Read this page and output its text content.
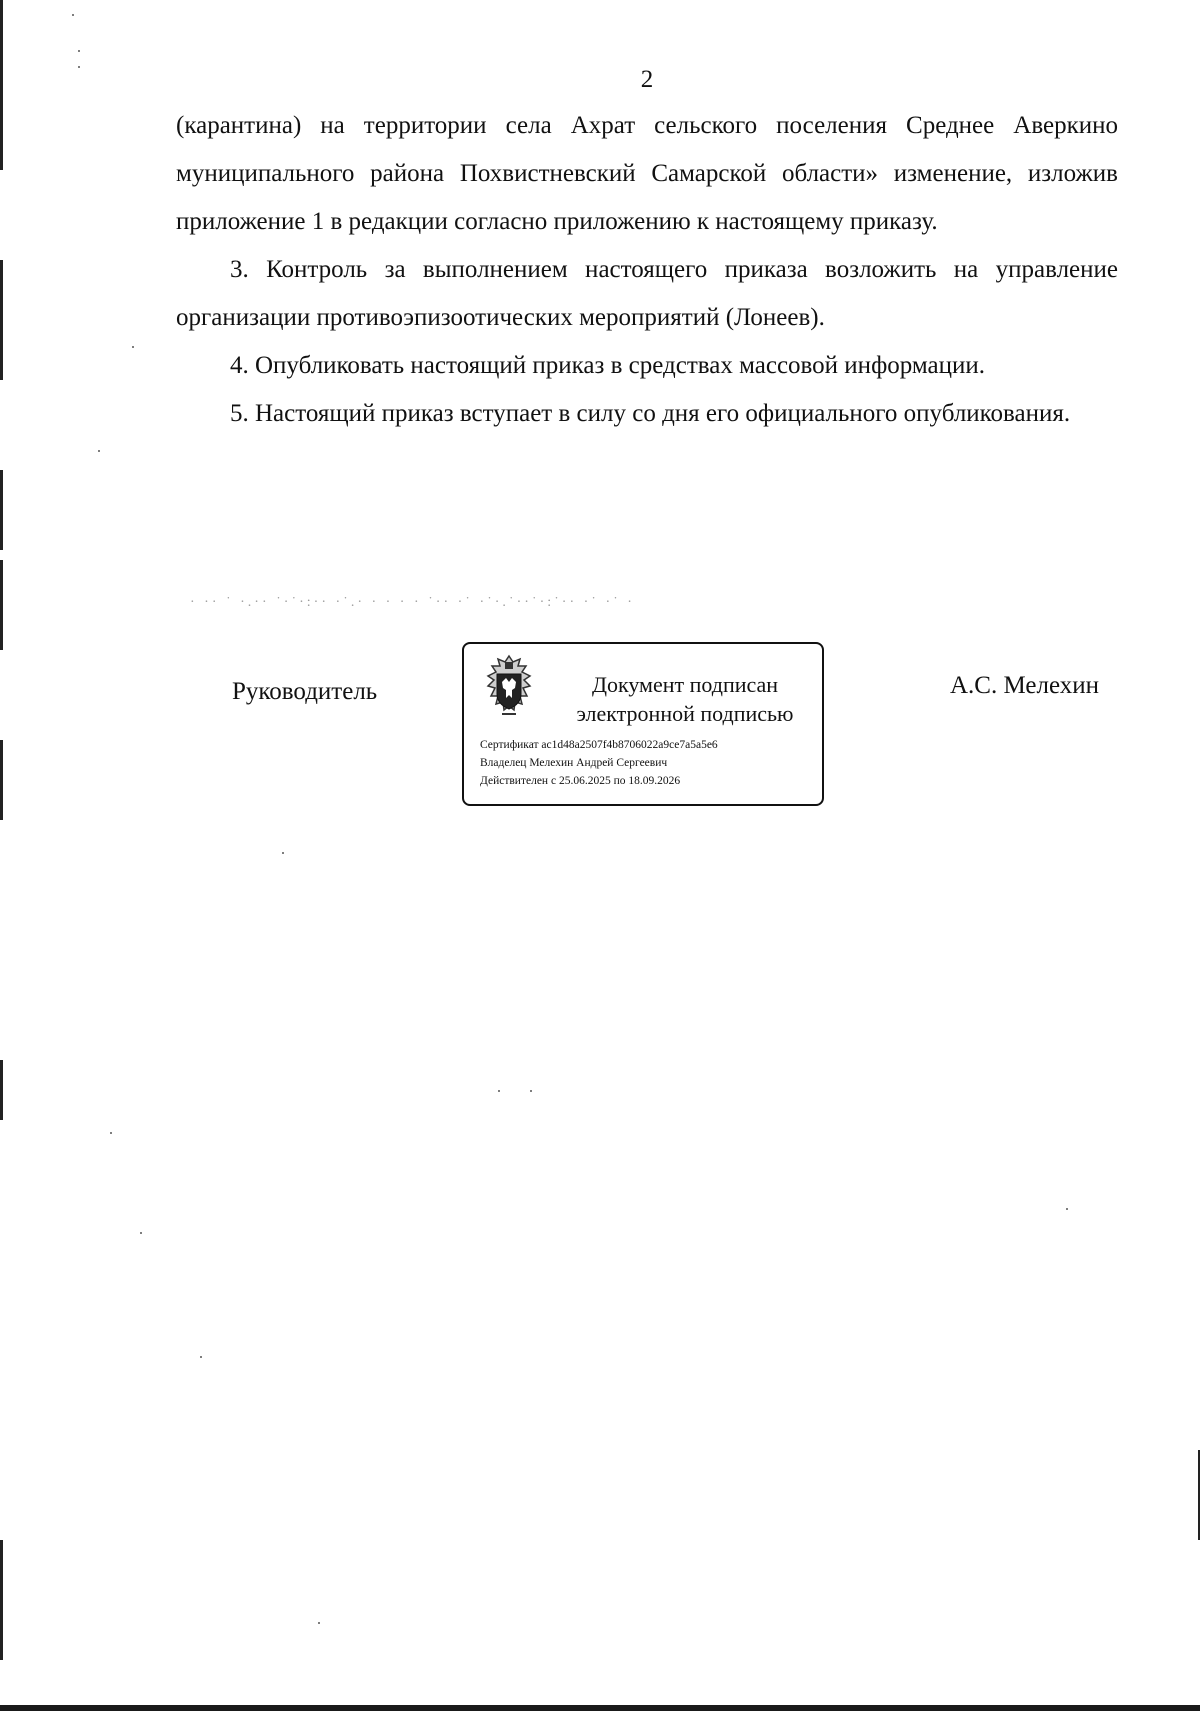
2

(карантина) на территории села Ахрат сельского поселения Среднее Аверкино муниципального района Похвистневский Самарской области» изменение, изложив приложение 1 в редакции согласно приложению к настоящему приказу.

3. Контроль за выполнением настоящего приказа возложить на управление организации противоэпизоотических мероприятий (Лонеев).

4. Опубликовать настоящий приказ в средствах массовой информации.

5. Настоящий приказ вступает в силу со дня его официального опубликования.

· ·· ˙ ·.·· ˙·˙·:·· ·˙.· · · · · ˙·· ·˙ ·˙·.˙··˙·:˙·· ·˙ ·˙ ·
Руководитель	Документ подписан
электронной подписью
Сертификат ac1d48a2507f4b8706022a9ce7a5a5e6
Владелец Мелехин Андрей Сергеевич
Действителен с 25.06.2025 по 18.09.2026
А.С. Мелехин
